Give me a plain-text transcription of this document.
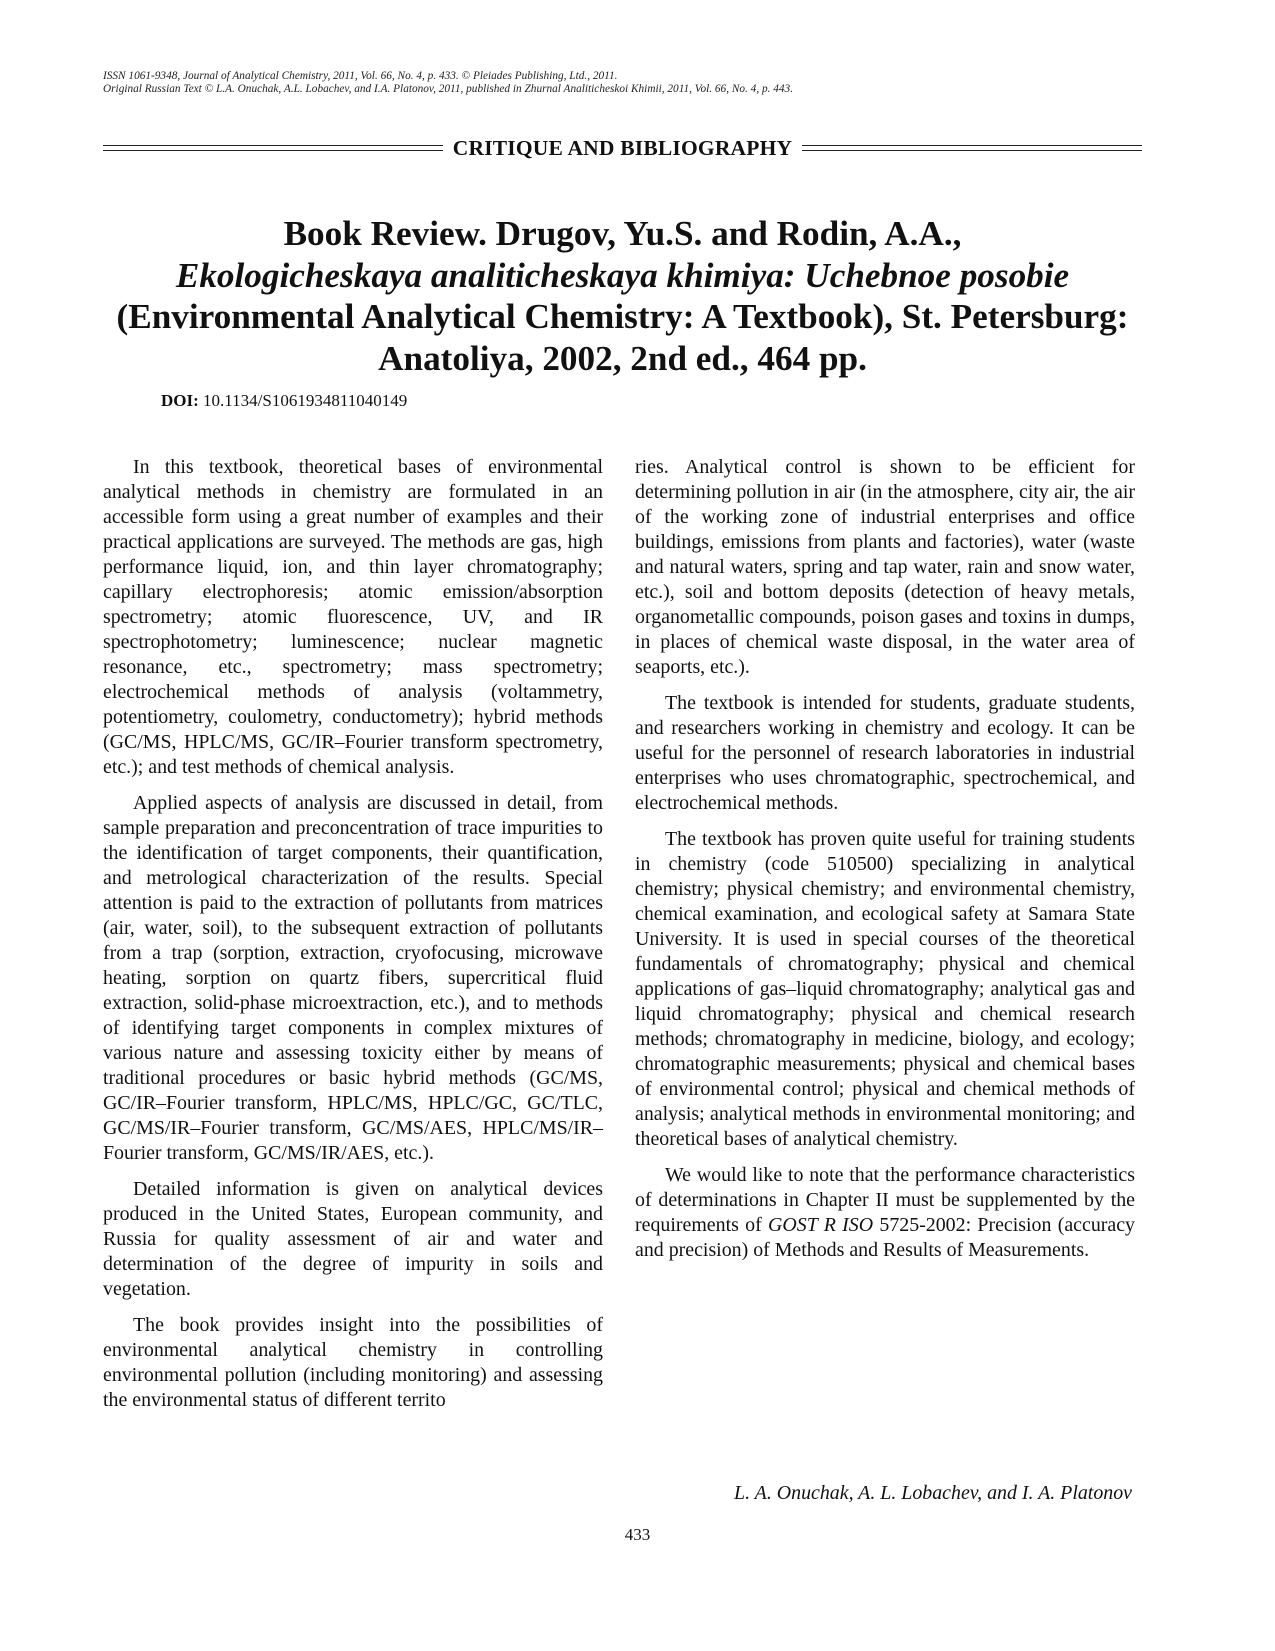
ISSN 1061-9348, Journal of Analytical Chemistry, 2011, Vol. 66, No. 4, p. 433. © Pleiades Publishing, Ltd., 2011.
Original Russian Text © L.A. Onuchak, A.L. Lobachev, and I.A. Platonov, 2011, published in Zhurnal Analiticheskoi Khimii, 2011, Vol. 66, No. 4, p. 443.
CRITIQUE AND BIBLIOGRAPHY
Book Review. Drugov, Yu.S. and Rodin, A.A.,
Ekologicheskaya analiticheskaya khimiya: Uchebnoe posobie
(Environmental Analytical Chemistry: A Textbook), St. Petersburg:
Anatoliya, 2002, 2nd ed., 464 pp.
DOI: 10.1134/S1061934811040149

In this textbook, theoretical bases of environmental analytical methods in chemistry are formulated in an accessible form using a great number of examples and their practical applications are surveyed. The methods are gas, high performance liquid, ion, and thin layer chromatography; capillary electrophoresis; atomic emission/absorption spectrometry; atomic fluorescence, UV, and IR spectrophotometry; luminescence; nuclear magnetic resonance, etc., spectrometry; mass spectrometry; electrochemical methods of analysis (voltammetry, potentiometry, coulometry, conductometry); hybrid methods (GC/MS, HPLC/MS, GC/IR–Fourier transform spectrometry, etc.); and test methods of chemical analysis.

Applied aspects of analysis are discussed in detail, from sample preparation and preconcentration of trace impurities to the identification of target components, their quantification, and metrological characterization of the results. Special attention is paid to the extraction of pollutants from matrices (air, water, soil), to the subsequent extraction of pollutants from a trap (sorption, extraction, cryofocusing, microwave heating, sorption on quartz fibers, supercritical fluid extraction, solid-phase microextraction, etc.), and to methods of identifying target components in complex mixtures of various nature and assessing toxicity either by means of traditional procedures or basic hybrid methods (GC/MS, GC/IR–Fourier transform, HPLC/MS, HPLC/GC, GC/TLC, GC/MS/IR–Fourier transform, GC/MS/AES, HPLC/MS/IR–Fourier transform, GC/MS/IR/AES, etc.).

Detailed information is given on analytical devices produced in the United States, European community, and Russia for quality assessment of air and water and determination of the degree of impurity in soils and vegetation.

The book provides insight into the possibilities of environmental analytical chemistry in controlling environmental pollution (including monitoring) and assessing the environmental status of different territo

ries. Analytical control is shown to be efficient for determining pollution in air (in the atmosphere, city air, the air of the working zone of industrial enterprises and office buildings, emissions from plants and factories), water (waste and natural waters, spring and tap water, rain and snow water, etc.), soil and bottom deposits (detection of heavy metals, organometallic compounds, poison gases and toxins in dumps, in places of chemical waste disposal, in the water area of seaports, etc.).

The textbook is intended for students, graduate students, and researchers working in chemistry and ecology. It can be useful for the personnel of research laboratories in industrial enterprises who uses chromatographic, spectrochemical, and electrochemical methods.

The textbook has proven quite useful for training students in chemistry (code 510500) specializing in analytical chemistry; physical chemistry; and environmental chemistry, chemical examination, and ecological safety at Samara State University. It is used in special courses of the theoretical fundamentals of chromatography; physical and chemical applications of gas–liquid chromatography; analytical gas and liquid chromatography; physical and chemical research methods; chromatography in medicine, biology, and ecology; chromatographic measurements; physical and chemical bases of environmental control; physical and chemical methods of analysis; analytical methods in environmental monitoring; and theoretical bases of analytical chemistry.

We would like to note that the performance characteristics of determinations in Chapter II must be supplemented by the requirements of GOST R ISO 5725-2002: Precision (accuracy and precision) of Methods and Results of Measurements.

L. A. Onuchak, A. L. Lobachev, and I. A. Platonov
433
